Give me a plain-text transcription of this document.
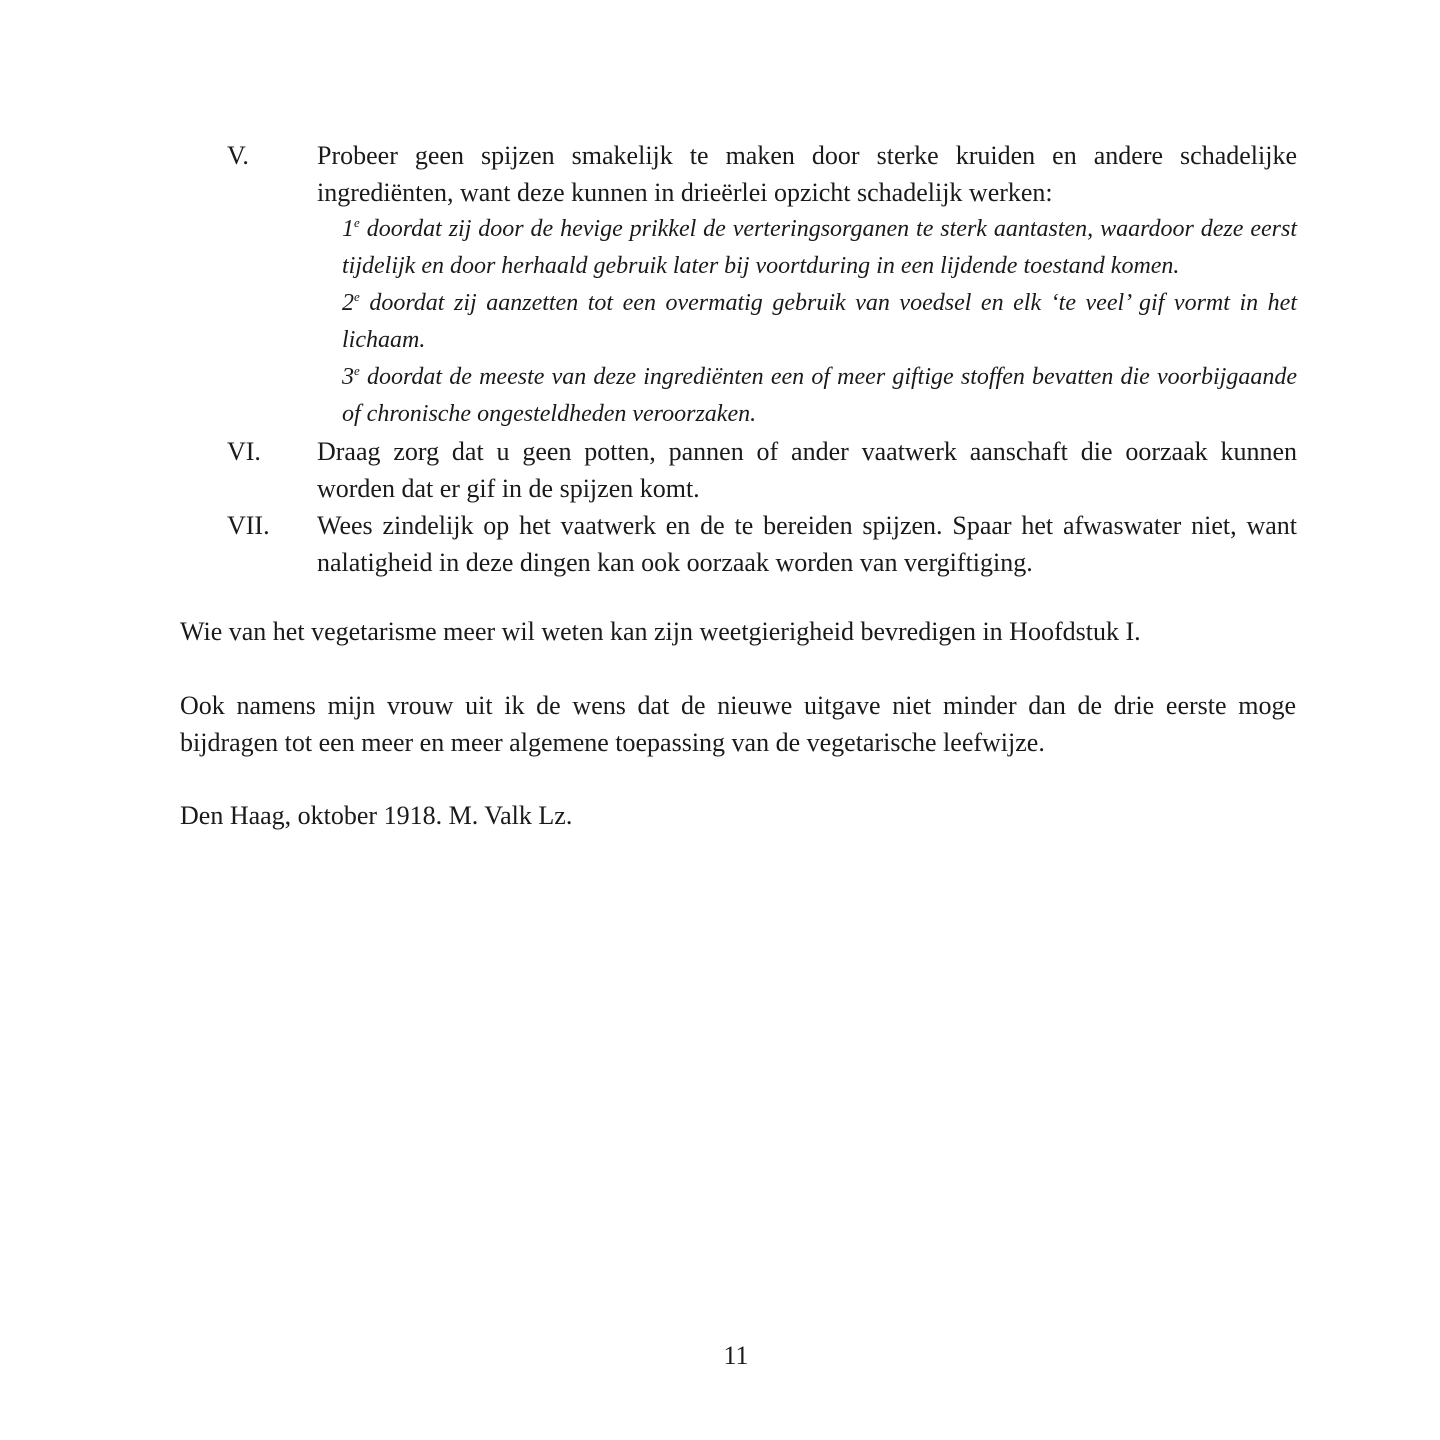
V.	Probeer geen spijzen smakelijk te maken door sterke kruiden en andere schadelijke ingrediënten, want deze kunnen in drieërlei opzicht schadelijk werken:
1e doordat zij door de hevige prikkel de verteringsorganen te sterk aantasten, waardoor deze eerst tijdelijk en door herhaald gebruik later bij voortduring in een lijdende toestand komen.
2e doordat zij aanzetten tot een overmatig gebruik van voedsel en elk ‘te veel’ gif vormt in het lichaam.
3e doordat de meeste van deze ingrediënten een of meer giftige stoffen bevatten die voorbijgaande of chronische ongesteldheden veroorzaken.
VI.	Draag zorg dat u geen potten, pannen of ander vaatwerk aanschaft die oorzaak kunnen worden dat er gif in de spijzen komt.
VII.	Wees zindelijk op het vaatwerk en de te bereiden spijzen. Spaar het afwaswater niet, want nalatigheid in deze dingen kan ook oorzaak worden van vergiftiging.

Wie van het vegetarisme meer wil weten kan zijn weetgierigheid bevredigen in Hoofdstuk I.

Ook namens mijn vrouw uit ik de wens dat de nieuwe uitgave niet minder dan de drie eerste moge bijdragen tot een meer en meer algemene toepassing van de vegetarische leefwijze.

Den Haag, oktober 1918. M. Valk Lz.

11
